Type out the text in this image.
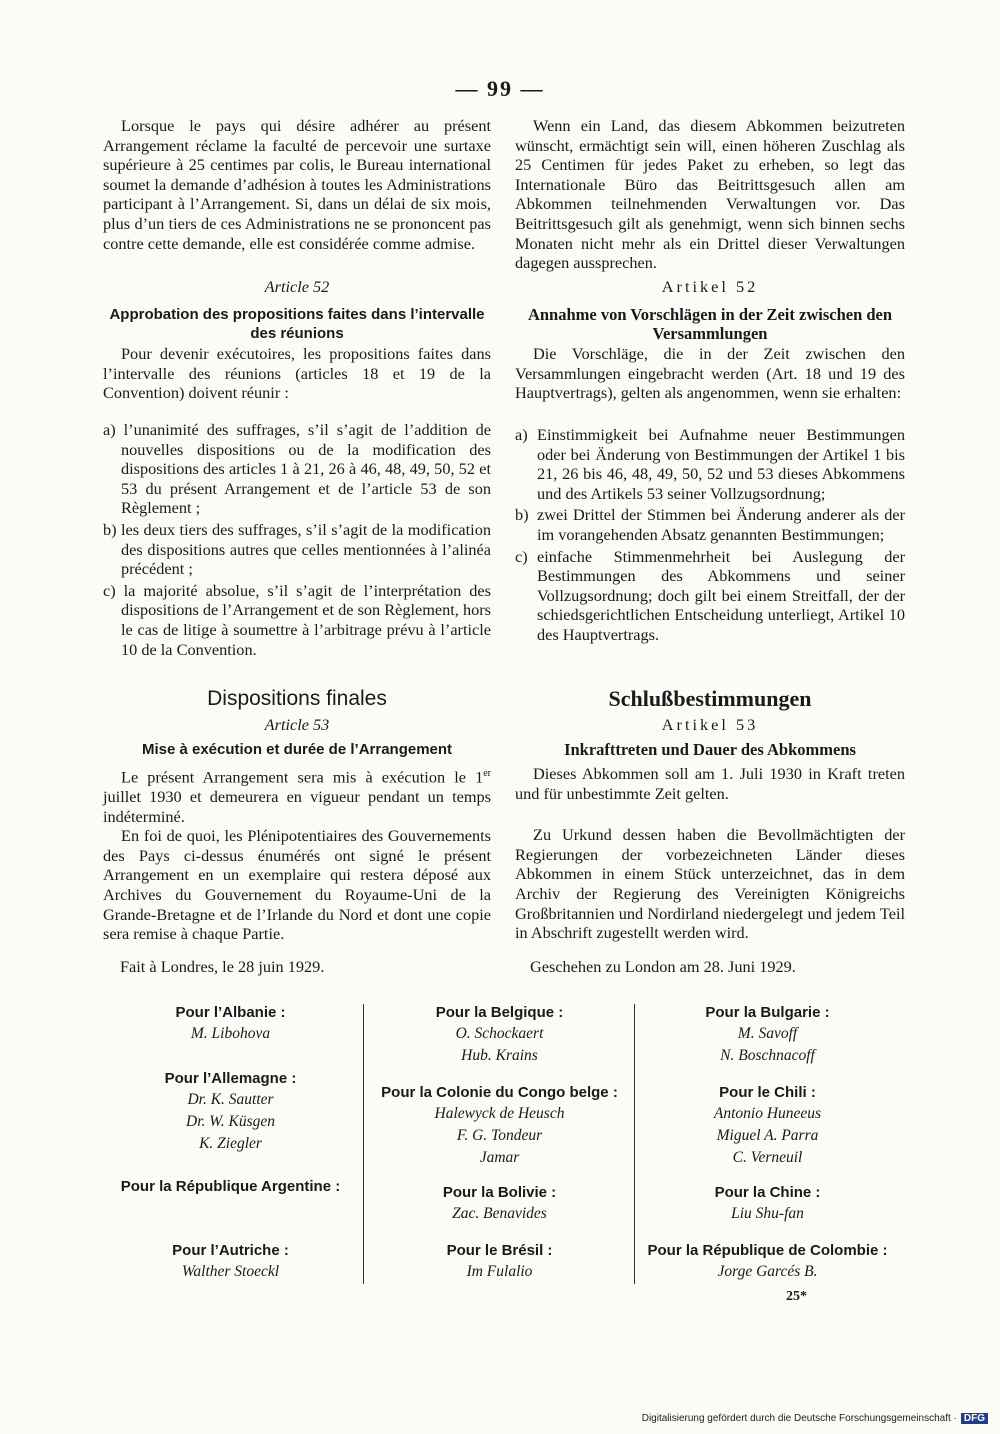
— 99 —

Lorsque le pays qui désire adhérer au présent Arrangement réclame la faculté de percevoir une surtaxe supérieure à 25 centimes par colis, le Bureau international soumet la demande d’adhésion à toutes les Administrations participant à l’Arrangement. Si, dans un délai de six mois, plus d’un tiers de ces Administrations ne se prononcent pas contre cette demande, elle est considérée comme admise.

Article 52
Approbation des propositions faites dans l’intervalle des réunions

Pour devenir exécutoires, les propositions faites dans l’intervalle des réunions (articles 18 et 19 de la Convention) doivent réunir :

a) l’unanimité des suffrages, s’il s’agit de l’addition de nouvelles dispositions ou de la modification des dispositions des articles 1 à 21, 26 à 46, 48, 49, 50, 52 et 53 du présent Arrangement et de l’article 53 de son Règlement ;

b) les deux tiers des suffrages, s’il s’agit de la modification des dispositions autres que celles mentionnées à l’alinéa précédent ;

c) la majorité absolue, s’il s’agit de l’interprétation des dispositions de l’Arrangement et de son Règlement, hors le cas de litige à soumettre à l’arbitrage prévu à l’article 10 de la Convention.

Dispositions finales
Article 53
Mise à exécution et durée de l’Arrangement

Le présent Arrangement sera mis à exécution le 1er juillet 1930 et demeurera en vigueur pendant un temps indéterminé.

En foi de quoi, les Plénipotentiaires des Gouvernements des Pays ci-dessus énumérés ont signé le présent Arrangement en un exemplaire qui restera déposé aux Archives du Gouvernement du Royaume-Uni de la Grande-Bretagne et de l’Irlande du Nord et dont une copie sera remise à chaque Partie.

Fait à Londres, le 28 juin 1929.

Wenn ein Land, das diesem Abkommen beizutreten wünscht, ermächtigt sein will, einen höheren Zuschlag als 25 Centimen für jedes Paket zu erheben, so legt das Internationale Büro das Beitrittsgesuch allen am Abkommen teilnehmenden Verwaltungen vor. Das Beitrittsgesuch gilt als genehmigt, wenn sich binnen sechs Monaten nicht mehr als ein Drittel dieser Verwaltungen dagegen aussprechen.

Artikel 52
Annahme von Vorschlägen in der Zeit zwischen den Versammlungen

Die Vorschläge, die in der Zeit zwischen den Versammlungen eingebracht werden (Art. 18 und 19 des Hauptvertrags), gelten als angenommen, wenn sie erhalten:

a) Einstimmigkeit bei Aufnahme neuer Bestimmungen oder bei Änderung von Bestimmungen der Artikel 1 bis 21, 26 bis 46, 48, 49, 50, 52 und 53 dieses Abkommens und des Artikels 53 seiner Vollzugsordnung;

b) zwei Drittel der Stimmen bei Änderung anderer als der im vorangehenden Absatz genannten Bestimmungen;

c) einfache Stimmenmehrheit bei Auslegung der Bestimmungen des Abkommens und seiner Vollzugsordnung; doch gilt bei einem Streitfall, der der schiedsgerichtlichen Entscheidung unterliegt, Artikel 10 des Hauptvertrags.

Schlußbestimmungen
Artikel 53
Inkrafttreten und Dauer des Abkommens

Dieses Abkommen soll am 1. Juli 1930 in Kraft treten und für unbestimmte Zeit gelten.

Zu Urkund dessen haben die Bevollmächtigten der Regierungen der vorbezeichneten Länder dieses Abkommen in einem Stück unterzeichnet, das in dem Archiv der Regierung des Vereinigten Königreichs Großbritannien und Nordirland niedergelegt und jedem Teil in Abschrift zugestellt werden wird.

Geschehen zu London am 28. Juni 1929.
Pour l’Albanie :
M. Libohova
Pour l’Allemagne :
Dr. K. Sautter
Dr. W. Küsgen
K. Ziegler
Pour la République Argentine :
Pour l’Autriche :
Walther Stoeckl
Pour la Belgique :
O. Schockaert
Hub. Krains
Pour la Colonie du Congo belge :
Halewyck de Heusch
F. G. Tondeur
Jamar
Pour la Bolivie :
Zac. Benavides
Pour le Brésil :
Im Fulalio
Pour la Bulgarie :
M. Savoff
N. Boschnacoff
Pour le Chili :
Antonio Huneeus
Miguel A. Parra
C. Verneuil
Pour la Chine :
Liu Shu-fan
Pour la République de Colombie :
Jorge Garcés B.
25*
Digitalisierung gefördert durch die Deutsche Forschungsgemeinschaft · DFG
